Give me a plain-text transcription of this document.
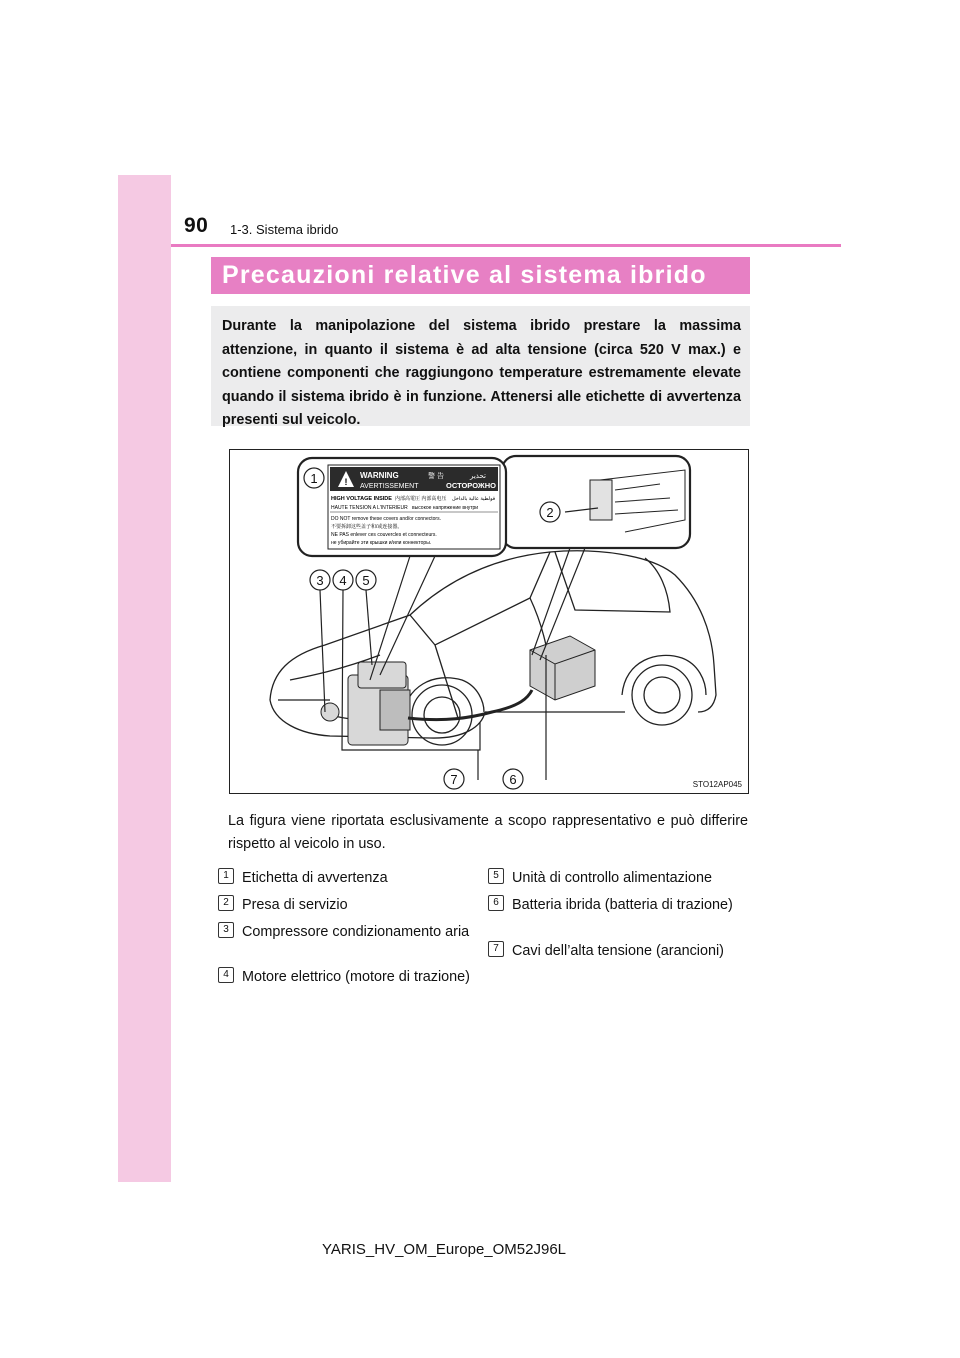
90 1-3. Sistema ibrido
Precauzioni relative al sistema ibrido
Durante la manipolazione del sistema ibrido prestare la massima attenzione, in quanto il sistema è ad alta tensione (circa 520 V max.) e contiene componenti che raggiungono temperature estremamente elevate quando il sistema ibrido è in funzione. Attenersi alle etichette di avvertenza presenti sul veicolo.
!
WARNING	警 告	تحذير
AVERTISSEMENT	ОСТОРОЖНО
HIGH VOLTAGE INSIDE 内部高電圧 内部高电压 فولطية عالية بالداخل
HAUTE TENSION A L'INTERIEUR высокое напряжение внутри
DO NOT remove these covers and/or connectors.
不要拆卸这些盖子和/或连接器。
NE PAS enlever ces couvercles et connecteurs.
не убирайте эти крышки и/или коннекторы.
1
2
3 4 5
6
7	STO12AP045
La figura viene riportata esclusivamente a scopo rappresentativo e può differire rispetto al veicolo in uso.
1 Etichetta di avvertenza
2 Presa di servizio
3 Compressore condizionamento aria
4 Motore elettrico (motore di trazione)
5 Unità di controllo alimentazione
6 Batteria ibrida (batteria di trazione)
7 Cavi dell’alta tensione (arancioni)
YARIS_HV_OM_Europe_OM52J96L
